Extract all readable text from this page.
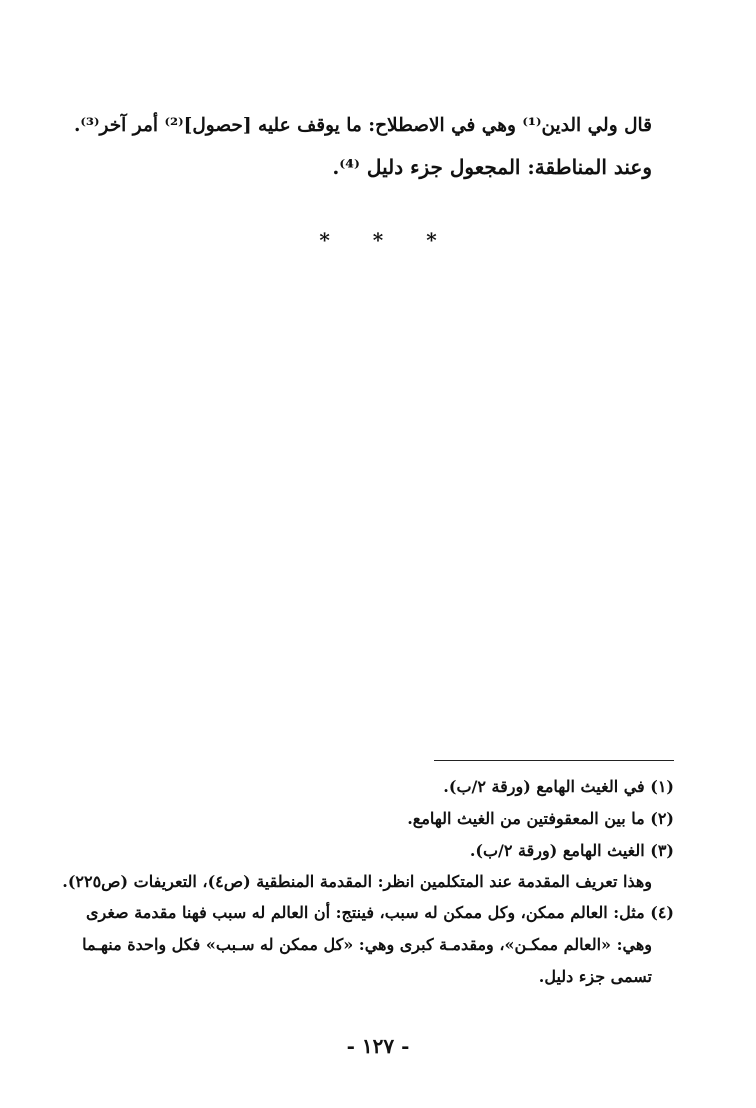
قال ولي الدين⁽¹⁾ وهي في الاصطلاح: ما يوقف عليه [حصول]⁽²⁾ أمر آخر⁽³⁾.
وعند المناطقة: المجعول جزء دليل ⁽⁴⁾.
* * *
(١) في الغيث الهامع (ورقة ٢/ب).
(٢) ما بين المعقوفتين من الغيث الهامع.
(٣) الغيث الهامع (ورقة ٢/ب).
وهذا تعريف المقدمة عند المتكلمين انظر: المقدمة المنطقية (ص٤)، التعريفات (ص٢٢٥).
(٤) مثل: العالم ممكن، وكل ممكن له سبب، فينتج: أن العالم له سبب فهنا مقدمة صغرى
وهي: «العالم ممكـن»، ومقدمـة كبرى وهي: «كل ممكن له سـبب» فكل واحدة منهـما
تسمى جزء دليل.
- ١٢٧ -
